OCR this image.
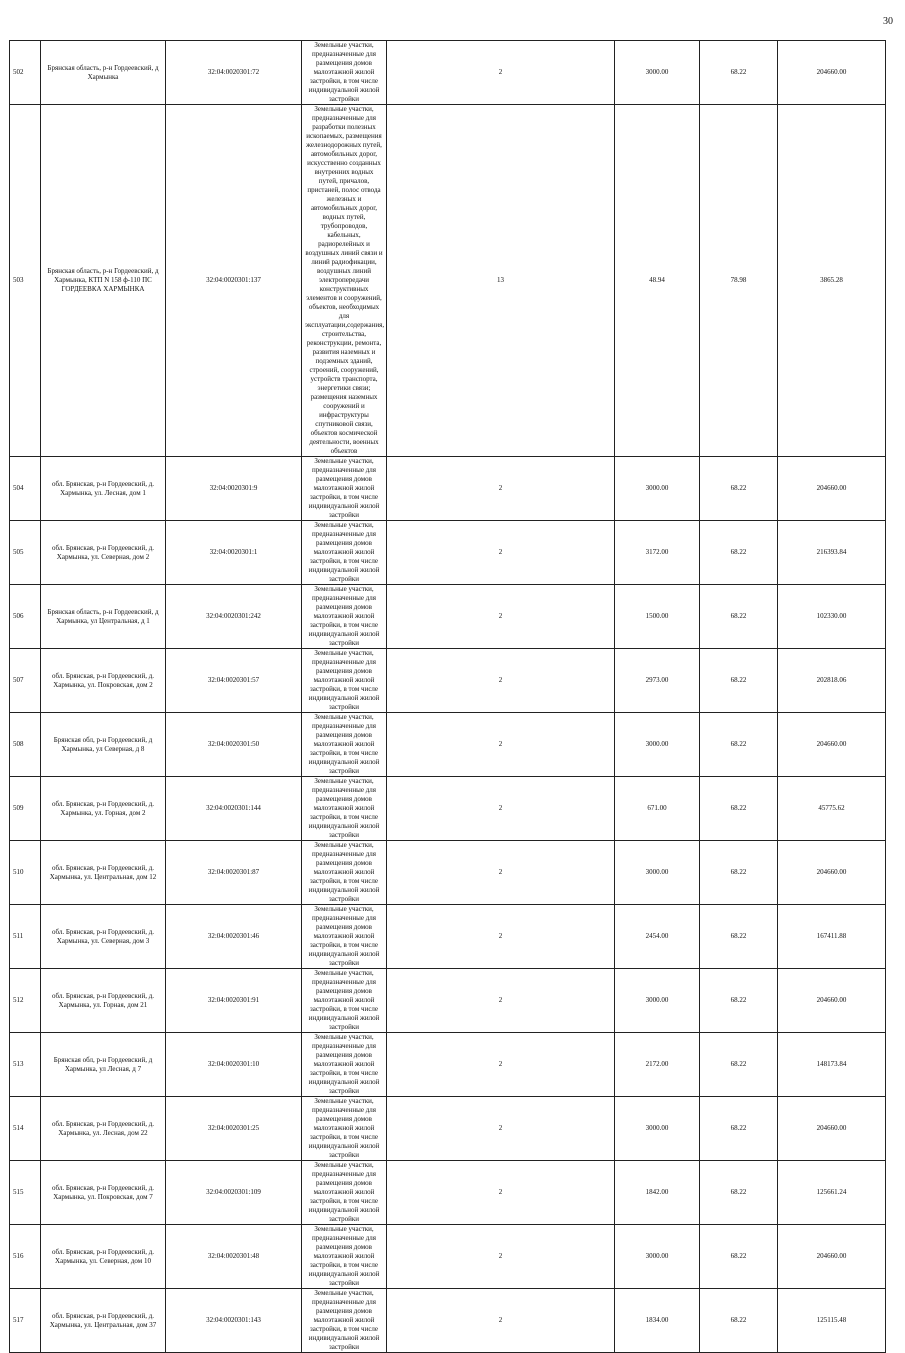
30
502	Брянская область, р-н Гордеевский, д Хармынка	32:04:0020301:72	Земельные участки, предназначенные для размещения домов малоэтажной жилой застройки, в том числе индивидуальной жилой застройки	2	3000.00	68.22	204660.00
503	Брянская область, р-н Гордеевский, д Хармынка, КТП N 158 ф-110 ПС ГОРДЕЕВКА ХАРМЫНКА	32:04:0020301:137	Земельные участки, предназначенные для разработки полезных ископаемых, размещения железнодорожных путей, автомобильных дорог, искусственно созданных внутренних водных путей, причалов, пристаней, полос отвода железных и автомобильных дорог, водных путей, трубопроводов, кабельных, радиорелейных и воздушных линий связи и линий радиофикации, воздушных линий электропередачи конструктивных элементов и сооружений, объектов, необходимых для эксплуатации,содержания, строительства, реконструкции, ремонта, развития наземных и подземных зданий, строений, сооружений, устройств транспорта, энергетики связи; размещения наземных сооружений и инфраструктуры спутниковой связи, объектов космической деятельности, военных объектов	13	48.94	78.98	3865.28
504	обл. Брянская, р-н Гордеевский, д. Хармынка, ул. Лесная, дом 1	32:04:0020301:9	Земельные участки, предназначенные для размещения домов малоэтажной жилой застройки, в том числе индивидуальной жилой застройки	2	3000.00	68.22	204660.00
505	обл. Брянская, р-н Гордеевский, д. Хармынка, ул. Северная, дом 2	32:04:0020301:1	Земельные участки, предназначенные для размещения домов малоэтажной жилой застройки, в том числе индивидуальной жилой застройки	2	3172.00	68.22	216393.84
506	Брянская область, р-н Гордеевский, д Хармынка, ул Центральная, д 1	32:04:0020301:242	Земельные участки, предназначенные для размещения домов малоэтажной жилой застройки, в том числе индивидуальной жилой застройки	2	1500.00	68.22	102330.00
507	обл. Брянская, р-н Гордеевский, д. Хармынка, ул. Покровская, дом 2	32:04:0020301:57	Земельные участки, предназначенные для размещения домов малоэтажной жилой застройки, в том числе индивидуальной жилой застройки	2	2973.00	68.22	202818.06
508	Брянская обл, р-н Гордеевский, д Хармынка, ул Северная, д 8	32:04:0020301:50	Земельные участки, предназначенные для размещения домов малоэтажной жилой застройки, в том числе индивидуальной жилой застройки	2	3000.00	68.22	204660.00
509	обл. Брянская, р-н Гордеевский, д. Хармынка, ул. Горная, дом 2	32:04:0020301:144	Земельные участки, предназначенные для размещения домов малоэтажной жилой застройки, в том числе индивидуальной жилой застройки	2	671.00	68.22	45775.62
510	обл. Брянская, р-н Гордеевский, д. Хармынка, ул. Центральная, дом 12	32:04:0020301:87	Земельные участки, предназначенные для размещения домов малоэтажной жилой застройки, в том числе индивидуальной жилой застройки	2	3000.00	68.22	204660.00
511	обл. Брянская, р-н Гордеевский, д. Хармынка, ул. Северная, дом 3	32:04:0020301:46	Земельные участки, предназначенные для размещения домов малоэтажной жилой застройки, в том числе индивидуальной жилой застройки	2	2454.00	68.22	167411.88
512	обл. Брянская, р-н Гордеевский, д. Хармынка, ул. Горная, дом 21	32:04:0020301:91	Земельные участки, предназначенные для размещения домов малоэтажной жилой застройки, в том числе индивидуальной жилой застройки	2	3000.00	68.22	204660.00
513	Брянская обл, р-н Гордеевский, д Хармынка, ул Лесная, д 7	32:04:0020301:10	Земельные участки, предназначенные для размещения домов малоэтажной жилой застройки, в том числе индивидуальной жилой застройки	2	2172.00	68.22	148173.84
514	обл. Брянская, р-н Гордеевский, д. Хармынка, ул. Лесная, дом 22	32:04:0020301:25	Земельные участки, предназначенные для размещения домов малоэтажной жилой застройки, в том числе индивидуальной жилой застройки	2	3000.00	68.22	204660.00
515	обл. Брянская, р-н Гордеевский, д. Хармынка, ул. Покровская, дом 7	32:04:0020301:109	Земельные участки, предназначенные для размещения домов малоэтажной жилой застройки, в том числе индивидуальной жилой застройки	2	1842.00	68.22	125661.24
516	обл. Брянская, р-н Гордеевский, д. Хармынка, ул. Северная, дом 10	32:04:0020301:48	Земельные участки, предназначенные для размещения домов малоэтажной жилой застройки, в том числе индивидуальной жилой застройки	2	3000.00	68.22	204660.00
517	обл. Брянская, р-н Гордеевский, д. Хармынка, ул. Центральная, дом 37	32:04:0020301:143	Земельные участки, предназначенные для размещения домов малоэтажной жилой застройки, в том числе индивидуальной жилой застройки	2	1834.00	68.22	125115.48
